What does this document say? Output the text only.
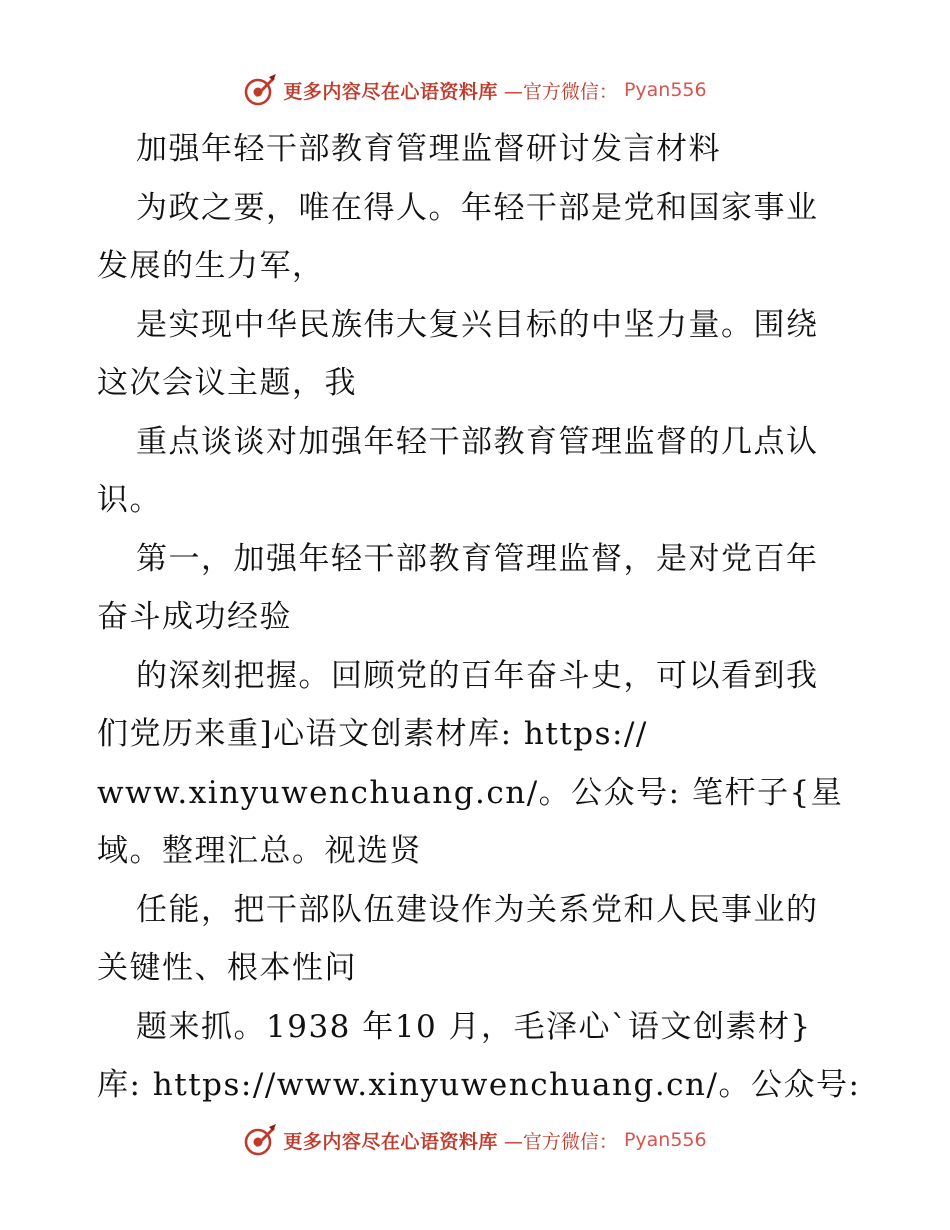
更多内容尽在心语资料库 —官方微信： Pyan556
加强年轻干部教育管理监督研讨发言材料
为政之要，唯在得人。年轻干部是党和国家事业
发展的生力军，
是实现中华民族伟大复兴目标的中坚力量。围绕
这次会议主题，我
重点谈谈对加强年轻干部教育管理监督的几点认
识。
第一，加强年轻干部教育管理监督，是对党百年
奋斗成功经验
的深刻把握。回顾党的百年奋斗史，可以看到我
们党历来重]心语文创素材库: https://
www.xinyuwenchuang.cn/。公众号: 笔杆子{星
域。整理汇总。视选贤
任能，把干部队伍建设作为关系党和人民事业的
关键性、根本性问
题来抓。1938 年10 月，毛泽心`语文创素材}
库: https://www.xinyuwenchuang.cn/。公众号:
更多内容尽在心语资料库 —官方微信： Pyan556
